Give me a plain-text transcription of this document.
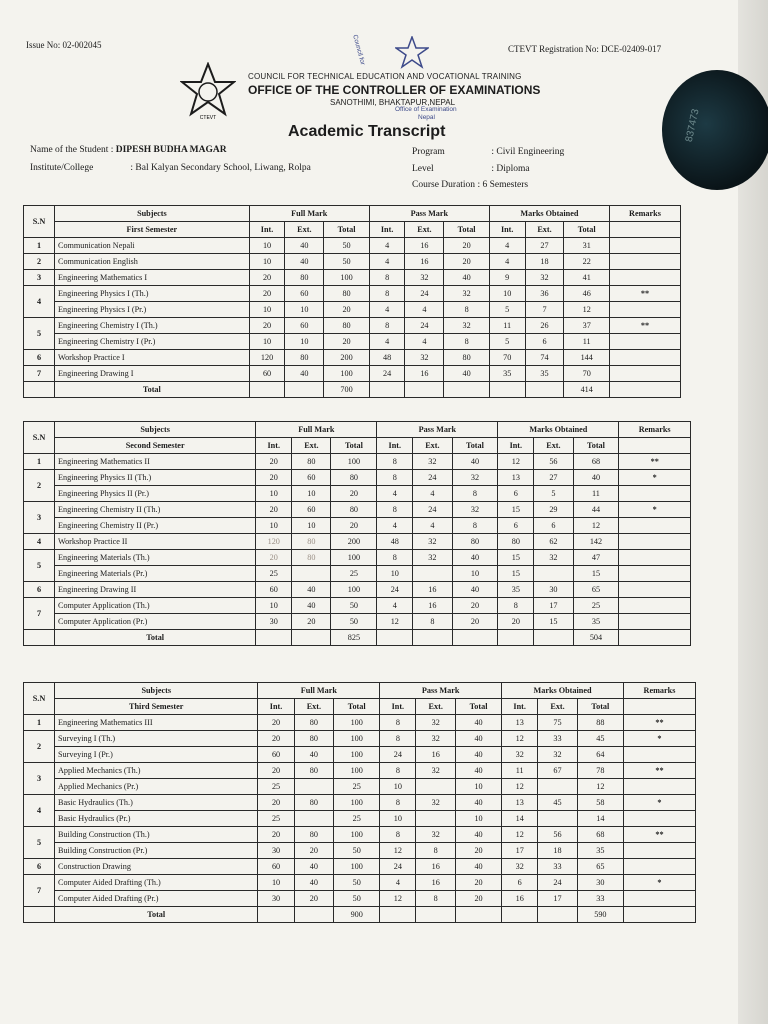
837473
Issue No: 02-002045	CTEVT Registration No: DCE-02409-017
CTEVT
Council for
Office of Examination
Nepal
COUNCIL FOR TECHNICAL EDUCATION AND VOCATIONAL TRAINING
OFFICE OF THE CONTROLLER OF EXAMINATIONS
SANOTHIMI, BHAKTAPUR,NEPAL
Academic Transcript
Name of the Student : DIPESH BUDHA MAGAR
Institute/College	: Bal Kalyan Secondary School, Liwang, Rolpa
Program	: Civil Engineering
Level	: Diploma
Course Duration : 6 Semesters
S.N	Subjects	Full Mark			Pass Mark			Marks Obtained			Remarks
	First Semester	Int.	Ext.	Total	Int.	Ext.	Total	Int.	Ext.	Total	
1	Communication Nepali	10	40	50	4	16	20	4	27	31	
2	Communication English	10	40	50	4	16	20	4	18	22	
3	Engineering Mathematics I	20	80	100	8	32	40	9	32	41	
4	Engineering Physics I (Th.)	20	60	80	8	24	32	10	36	46	**
	Engineering Physics I (Pr.)	10	10	20	4	4	8	5	7	12	
5	Engineering Chemistry I (Th.)	20	60	80	8	24	32	11	26	37	**
	Engineering Chemistry I (Pr.)	10	10	20	4	4	8	5	6	11	
6	Workshop Practice I	120	80	200	48	32	80	70	74	144	
7	Engineering Drawing I	60	40	100	24	16	40	35	35	70	
	Total			700						414	
S.N	Subjects	Full Mark			Pass Mark			Marks Obtained			Remarks
	Second Semester	Int.	Ext.	Total	Int.	Ext.	Total	Int.	Ext.	Total	
1	Engineering Mathematics II	20	80	100	8	32	40	12	56	68	**
2	Engineering Physics II (Th.)	20	60	80	8	24	32	13	27	40	*
	Engineering Physics II (Pr.)	10	10	20	4	4	8	6	5	11	
3	Engineering Chemistry II (Th.)	20	60	80	8	24	32	15	29	44	*
	Engineering Chemistry II (Pr.)	10	10	20	4	4	8	6	6	12	
4	Workshop Practice II	120	80	200	48	32	80	80	62	142	
5	Engineering Materials (Th.)	20	80	100	8	32	40	15	32	47	
	Engineering Materials (Pr.)	25		25	10		10	15		15	
6	Engineering Drawing II	60	40	100	24	16	40	35	30	65	
7	Computer Application (Th.)	10	40	50	4	16	20	8	17	25	
	Computer Application (Pr.)	30	20	50	12	8	20	20	15	35	
	Total			825						504	
S.N	Subjects	Full Mark			Pass Mark			Marks Obtained			Remarks
	Third Semester	Int.	Ext.	Total	Int.	Ext.	Total	Int.	Ext.	Total	
1	Engineering Mathematics III	20	80	100	8	32	40	13	75	88	**
2	Surveying I (Th.)	20	80	100	8	32	40	12	33	45	*
	Surveying I (Pr.)	60	40	100	24	16	40	32	32	64	
3	Applied Mechanics (Th.)	20	80	100	8	32	40	11	67	78	**
	Applied Mechanics (Pr.)	25		25	10		10	12		12	
4	Basic Hydraulics (Th.)	20	80	100	8	32	40	13	45	58	*
	Basic Hydraulics (Pr.)	25		25	10		10	14		14	
5	Building Construction (Th.)	20	80	100	8	32	40	12	56	68	**
	Building Construction (Pr.)	30	20	50	12	8	20	17	18	35	
6	Construction Drawing	60	40	100	24	16	40	32	33	65	
7	Computer Aided Drafting (Th.)	10	40	50	4	16	20	6	24	30	*
	Computer Aided Drafting (Pr.)	30	20	50	12	8	20	16	17	33	
	Total			900						590	
